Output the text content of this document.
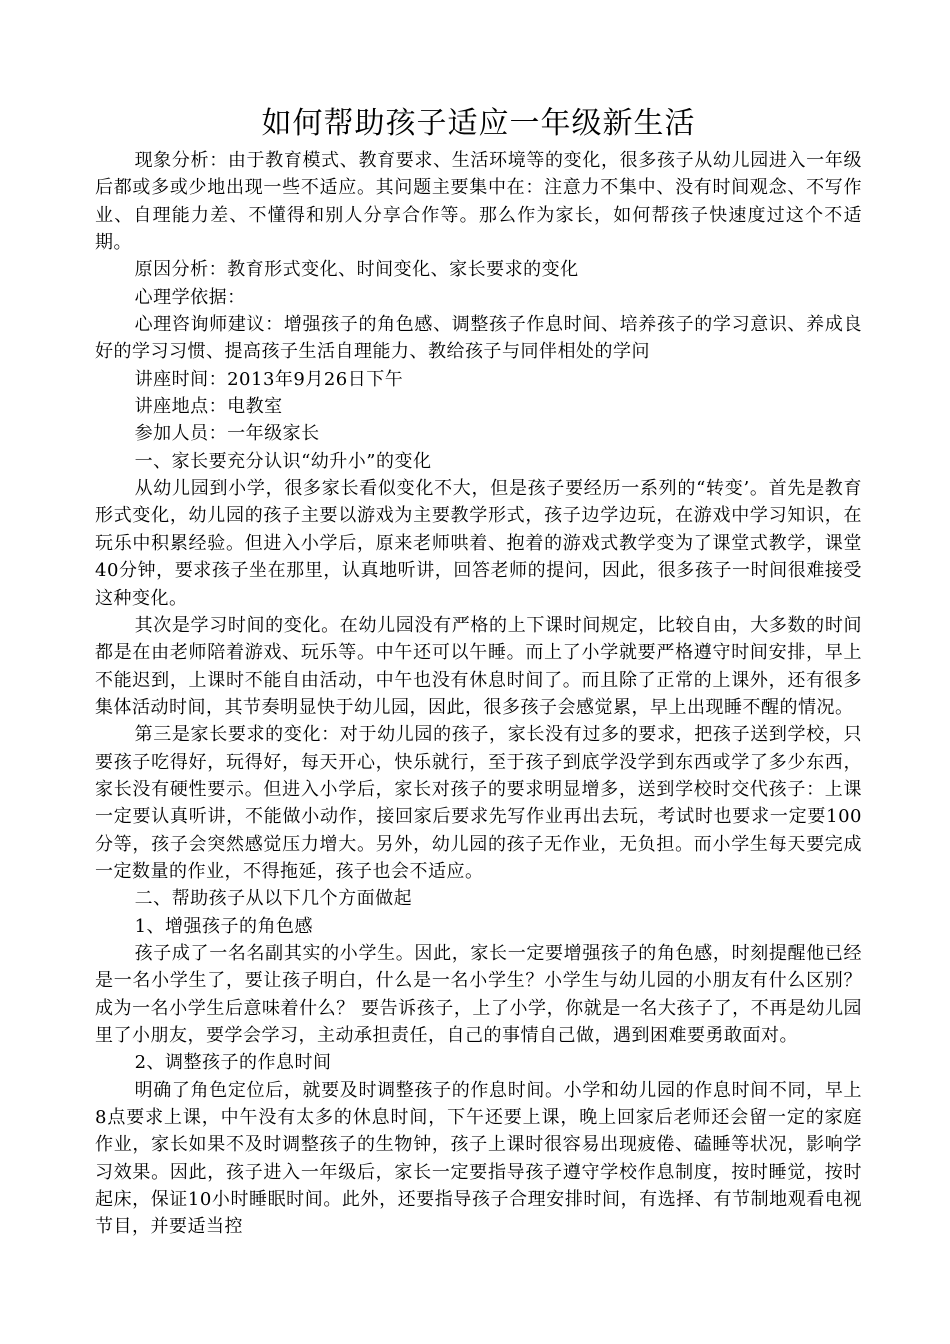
如何帮助孩子适应一年级新生活

现象分析：由于教育模式、教育要求、生活环境等的变化，很多孩子从幼儿园进入一年级后都或多或少地出现一些不适应。其问题主要集中在：注意力不集中、没有时间观念、不写作业、自理能力差、不懂得和别人分享合作等。那么作为家长，如何帮孩子快速度过这个不适期。

原因分析：教育形式变化、时间变化、家长要求的变化

心理学依据：

心理咨询师建议：增强孩子的角色感、调整孩子作息时间、培养孩子的学习意识、养成良好的学习习惯、提高孩子生活自理能力、教给孩子与同伴相处的学问

讲座时间：2013年9月26日下午

讲座地点：电教室

参加人员：一年级家长

一、家长要充分认识“幼升小”的变化

从幼儿园到小学，很多家长看似变化不大，但是孩子要经历一系列的“转变’。首先是教育形式变化，幼儿园的孩子主要以游戏为主要教学形式，孩子边学边玩，在游戏中学习知识，在玩乐中积累经验。但进入小学后，原来老师哄着、抱着的游戏式教学变为了课堂式教学，课堂40分钟，要求孩子坐在那里，认真地听讲，回答老师的提问，因此，很多孩子一时间很难接受这种变化。

其次是学习时间的变化。在幼儿园没有严格的上下课时间规定，比较自由，大多数的时间都是在由老师陪着游戏、玩乐等。中午还可以午睡。而上了小学就要严格遵守时间安排，早上不能迟到，上课时不能自由活动，中午也没有休息时间了。而且除了正常的上课外，还有很多集体活动时间，其节奏明显快于幼儿园，因此，很多孩子会感觉累，早上出现睡不醒的情况。

第三是家长要求的变化：对于幼儿园的孩子，家长没有过多的要求，把孩子送到学校，只要孩子吃得好，玩得好，每天开心，快乐就行，至于孩子到底学没学到东西或学了多少东西，家长没有硬性要示。但进入小学后，家长对孩子的要求明显增多，送到学校时交代孩子：上课一定要认真听讲，不能做小动作，接回家后要求先写作业再出去玩，考试时也要求一定要100分等，孩子会突然感觉压力增大。另外，幼儿园的孩子无作业，无负担。而小学生每天要完成一定数量的作业，不得拖延，孩子也会不适应。

二、帮助孩子从以下几个方面做起

1、增强孩子的角色感

孩子成了一名名副其实的小学生。因此，家长一定要增强孩子的角色感，时刻提醒他已经是一名小学生了，要让孩子明白，什么是一名小学生？小学生与幼儿园的小朋友有什么区别？成为一名小学生后意味着什么？ 要告诉孩子，上了小学，你就是一名大孩子了，不再是幼儿园里了小朋友，要学会学习，主动承担责任，自己的事情自己做，遇到困难要勇敢面对。

2、调整孩子的作息时间

明确了角色定位后，就要及时调整孩子的作息时间。小学和幼儿园的作息时间不同，早上8点要求上课，中午没有太多的休息时间，下午还要上课，晚上回家后老师还会留一定的家庭作业，家长如果不及时调整孩子的生物钟，孩子上课时很容易出现疲倦、磕睡等状况，影响学习效果。因此，孩子进入一年级后，家长一定要指导孩子遵守学校作息制度，按时睡觉，按时起床，保证10小时睡眠时间。此外，还要指导孩子合理安排时间，有选择、有节制地观看电视节目，并要适当控
